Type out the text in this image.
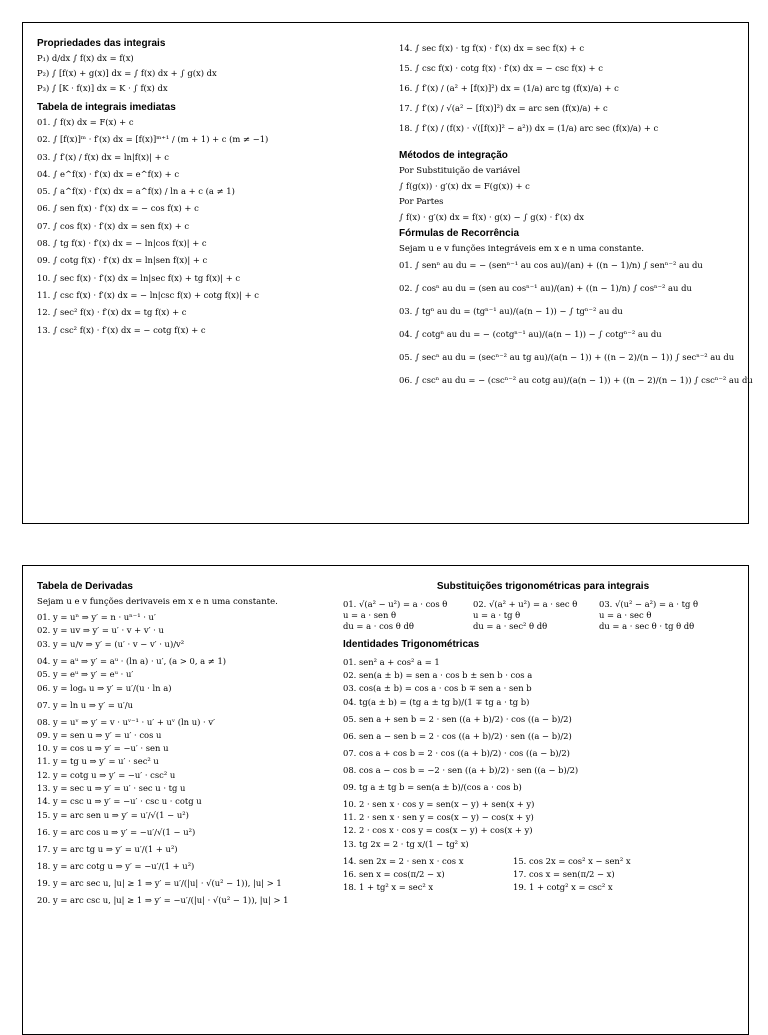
Propriedades das integrais
P₁) d/dx ∫ f(x) dx = f(x)
P₂) ∫ [f(x) + g(x)] dx = ∫ f(x) dx + ∫ g(x) dx
P₃) ∫ [K · f(x)] dx = K · ∫ f(x) dx
Tabela de integrais imediatas
01. ∫ f(x) dx = F(x) + c
02. ∫ [f(x)]ᵐ · f′(x) dx = [f(x)]ᵐ⁺¹ / (m + 1) + c (m ≠ −1)
03. ∫ f′(x) / f(x) dx = ln|f(x)| + c
04. ∫ e^f(x) · f′(x) dx = e^f(x) + c
05. ∫ a^f(x) · f′(x) dx = a^f(x) / ln a + c (a ≠ 1)
06. ∫ sen f(x) · f′(x) dx = − cos f(x) + c
07. ∫ cos f(x) · f′(x) dx = sen f(x) + c
08. ∫ tg f(x) · f′(x) dx = − ln|cos f(x)| + c
09. ∫ cotg f(x) · f′(x) dx = ln|sen f(x)| + c
10. ∫ sec f(x) · f′(x) dx = ln|sec f(x) + tg f(x)| + c
11. ∫ csc f(x) · f′(x) dx = − ln|csc f(x) + cotg f(x)| + c
12. ∫ sec² f(x) · f′(x) dx = tg f(x) + c
13. ∫ csc² f(x) · f′(x) dx = − cotg f(x) + c
14. ∫ sec f(x) · tg f(x) · f′(x) dx = sec f(x) + c
15. ∫ csc f(x) · cotg f(x) · f′(x) dx = − csc f(x) + c
16. ∫ f′(x) / (a² + [f(x)]²) dx = (1/a) arc tg (f(x)/a) + c
17. ∫ f′(x) / √(a² − [f(x)]²) dx = arc sen (f(x)/a) + c
18. ∫ f′(x) / (f(x) · √([f(x)]² − a²)) dx = (1/a) arc sec (f(x)/a) + c
Métodos de integração
Por Substituição de variável
∫ f(g(x)) · g′(x) dx = F(g(x)) + c
Por Partes
∫ f(x) · g′(x) dx = f(x) · g(x) − ∫ g(x) · f′(x) dx
Fórmulas de Recorrência
Sejam u e v funções integráveis em x e n uma constante.
01. ∫ senⁿ au du = − (senⁿ⁻¹ au cos au)/(an) + ((n − 1)/n) ∫ senⁿ⁻² au du
02. ∫ cosⁿ au du = (sen au cosⁿ⁻¹ au)/(an) + ((n − 1)/n) ∫ cosⁿ⁻² au du
03. ∫ tgⁿ au du = (tgⁿ⁻¹ au)/(a(n − 1)) − ∫ tgⁿ⁻² au du
04. ∫ cotgⁿ au du = − (cotgⁿ⁻¹ au)/(a(n − 1)) − ∫ cotgⁿ⁻² au du
05. ∫ secⁿ au du = (secⁿ⁻² au tg au)/(a(n − 1)) + ((n − 2)/(n − 1)) ∫ secⁿ⁻² au du
06. ∫ cscⁿ au du = − (cscⁿ⁻² au cotg au)/(a(n − 1)) + ((n − 2)/(n − 1)) ∫ cscⁿ⁻² au du
Tabela de Derivadas
Sejam u e v funções derivaveis em x e n uma constante.
01. y = uⁿ ⇒ y′ = n · uⁿ⁻¹ · u′
02. y = uv ⇒ y′ = u′ · v + v′ · u
03. y = u/v ⇒ y′ = (u′ · v − v′ · u)/v²
04. y = aᵘ ⇒ y′ = aᵘ · (ln a) · u′, (a > 0, a ≠ 1)
05. y = eᵘ ⇒ y′ = eᵘ · u′
06. y = logₐ u ⇒ y′ = u′/(u · ln a)
07. y = ln u ⇒ y′ = u′/u
08. y = uᵛ ⇒ y′ = v · uᵛ⁻¹ · u′ + uᵛ (ln u) · v′
09. y = sen u ⇒ y′ = u′ · cos u
10. y = cos u ⇒ y′ = −u′ · sen u
11. y = tg u ⇒ y′ = u′ · sec² u
12. y = cotg u ⇒ y′ = −u′ · csc² u
13. y = sec u ⇒ y′ = u′ · sec u · tg u
14. y = csc u ⇒ y′ = −u′ · csc u · cotg u
15. y = arc sen u ⇒ y′ = u′/√(1 − u²)
16. y = arc cos u ⇒ y′ = −u′/√(1 − u²)
17. y = arc tg u ⇒ y′ = u′/(1 + u²)
18. y = arc cotg u ⇒ y′ = −u′/(1 + u²)
19. y = arc sec u, |u| ≥ 1 ⇒ y′ = u′/(|u| · √(u² − 1)), |u| > 1
20. y = arc csc u, |u| ≥ 1 ⇒ y′ = −u′/(|u| · √(u² − 1)), |u| > 1
Substituições trigonométricas para integrais
01. √(a² − u²) = a · cos θ	02. √(a² + u²) = a · sec θ	03. √(u² − a²) = a · tg θ
u = a · sen θ	u = a · tg θ	u = a · sec θ
du = a · cos θ dθ	du = a · sec² θ dθ	du = a · sec θ · tg θ dθ
Identidades Trigonométricas
01. sen² a + cos² a = 1
02. sen(a ± b) = sen a · cos b ± sen b · cos a
03. cos(a ± b) = cos a · cos b ∓ sen a · sen b
04. tg(a ± b) = (tg a ± tg b)/(1 ∓ tg a · tg b)
05. sen a + sen b = 2 · sen ((a + b)/2) · cos ((a − b)/2)
06. sen a − sen b = 2 · cos ((a + b)/2) · sen ((a − b)/2)
07. cos a + cos b = 2 · cos ((a + b)/2) · cos ((a − b)/2)
08. cos a − cos b = −2 · sen ((a + b)/2) · sen ((a − b)/2)
09. tg a ± tg b = sen(a ± b)/(cos a · cos b)
10. 2 · sen x · cos y = sen(x − y) + sen(x + y)
11. 2 · sen x · sen y = cos(x − y) − cos(x + y)
12. 2 · cos x · cos y = cos(x − y) + cos(x + y)
13. tg 2x = 2 · tg x/(1 − tg² x)
14. sen 2x = 2 · sen x · cos x	15. cos 2x = cos² x − sen² x
16. sen x = cos(π/2 − x)	17. cos x = sen(π/2 − x)
18. 1 + tg² x = sec² x	19. 1 + cotg² x = csc² x
